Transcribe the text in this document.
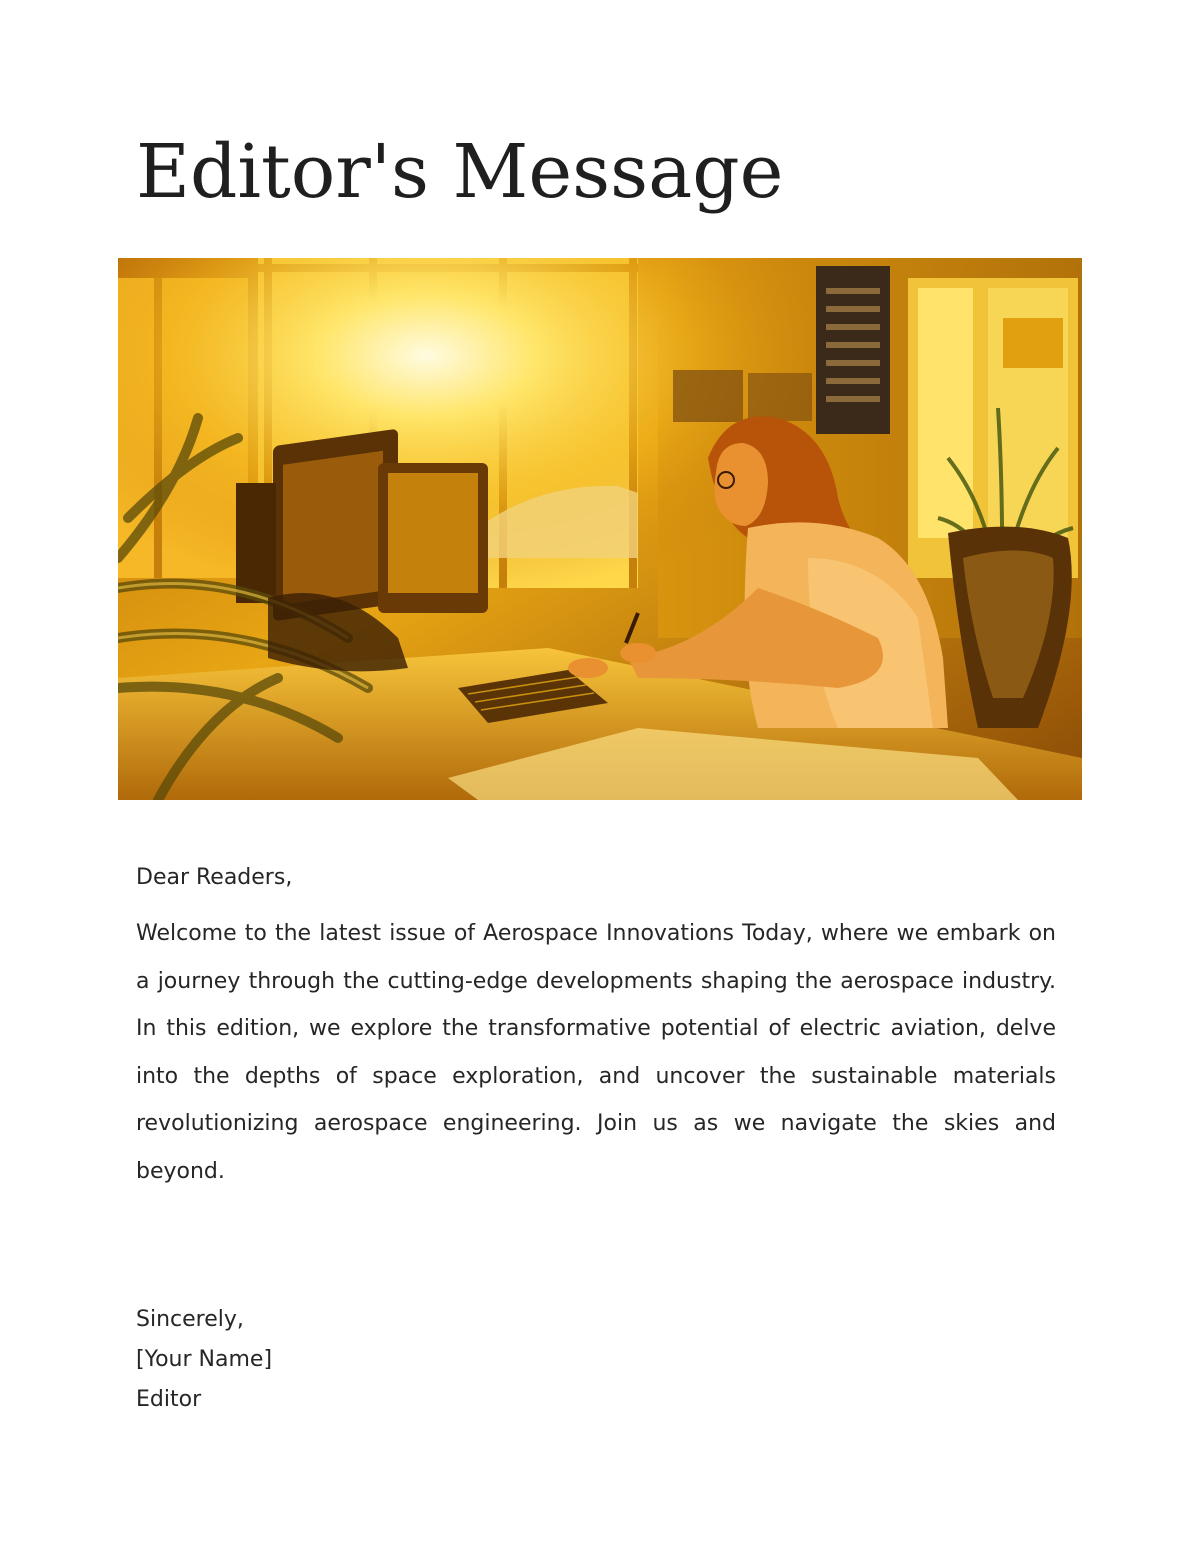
Editor's Message
Dear Readers,

Welcome to the latest issue of Aerospace Innovations Today, where we embark on a journey through the cutting-edge developments shaping the aerospace industry. In this edition, we explore the transformative potential of electric aviation, delve into the depths of space exploration, and uncover the sustainable materials revolutionizing aerospace engineering. Join us as we navigate the skies and beyond.

Sincerely,
[Your Name]
Editor
